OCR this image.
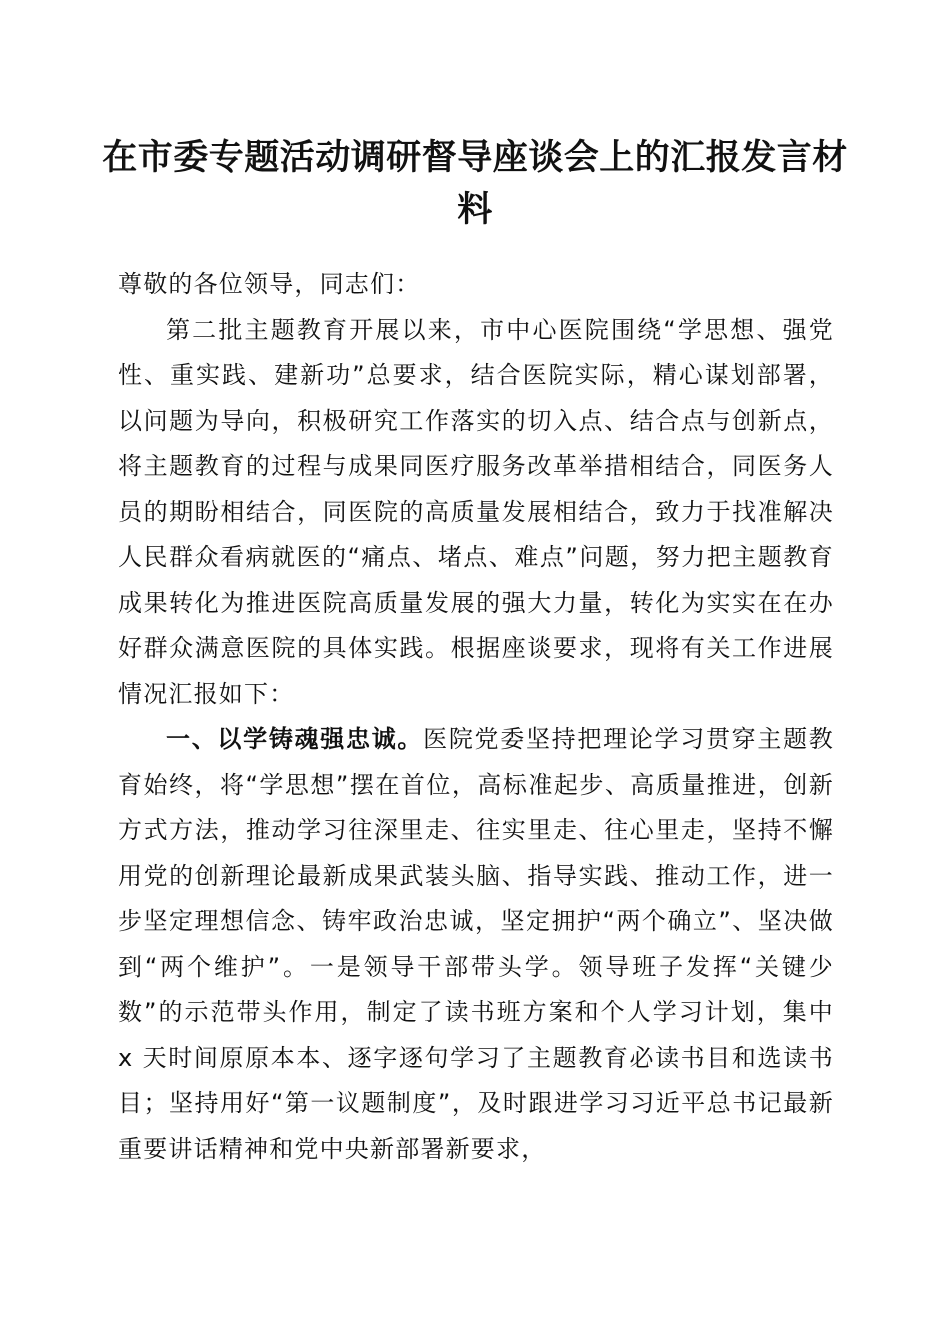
在市委专题活动调研督导座谈会上的汇报发言材料

尊敬的各位领导，同志们：

第二批主题教育开展以来，市中心医院围绕“学思想、强党性、重实践、建新功”总要求，结合医院实际，精心谋划部署，以问题为导向，积极研究工作落实的切入点、结合点与创新点，将主题教育的过程与成果同医疗服务改革举措相结合，同医务人员的期盼相结合，同医院的高质量发展相结合，致力于找准解决人民群众看病就医的“痛点、堵点、难点”问题，努力把主题教育成果转化为推进医院高质量发展的强大力量，转化为实实在在办好群众满意医院的具体实践。根据座谈要求，现将有关工作进展情况汇报如下：

一、以学铸魂强忠诚。医院党委坚持把理论学习贯穿主题教育始终，将“学思想”摆在首位，高标准起步、高质量推进，创新方式方法，推动学习往深里走、往实里走、往心里走，坚持不懈用党的创新理论最新成果武装头脑、指导实践、推动工作，进一步坚定理想信念、铸牢政治忠诚，坚定拥护“两个确立”、坚决做到“两个维护”。一是领导干部带头学。领导班子发挥“关键少数”的示范带头作用，制定了读书班方案和个人学习计划，集中 x 天时间原原本本、逐字逐句学习了主题教育必读书目和选读书目；坚持用好“第一议题制度”，及时跟进学习习近平总书记最新重要讲话精神和党中央新部署新要求，
